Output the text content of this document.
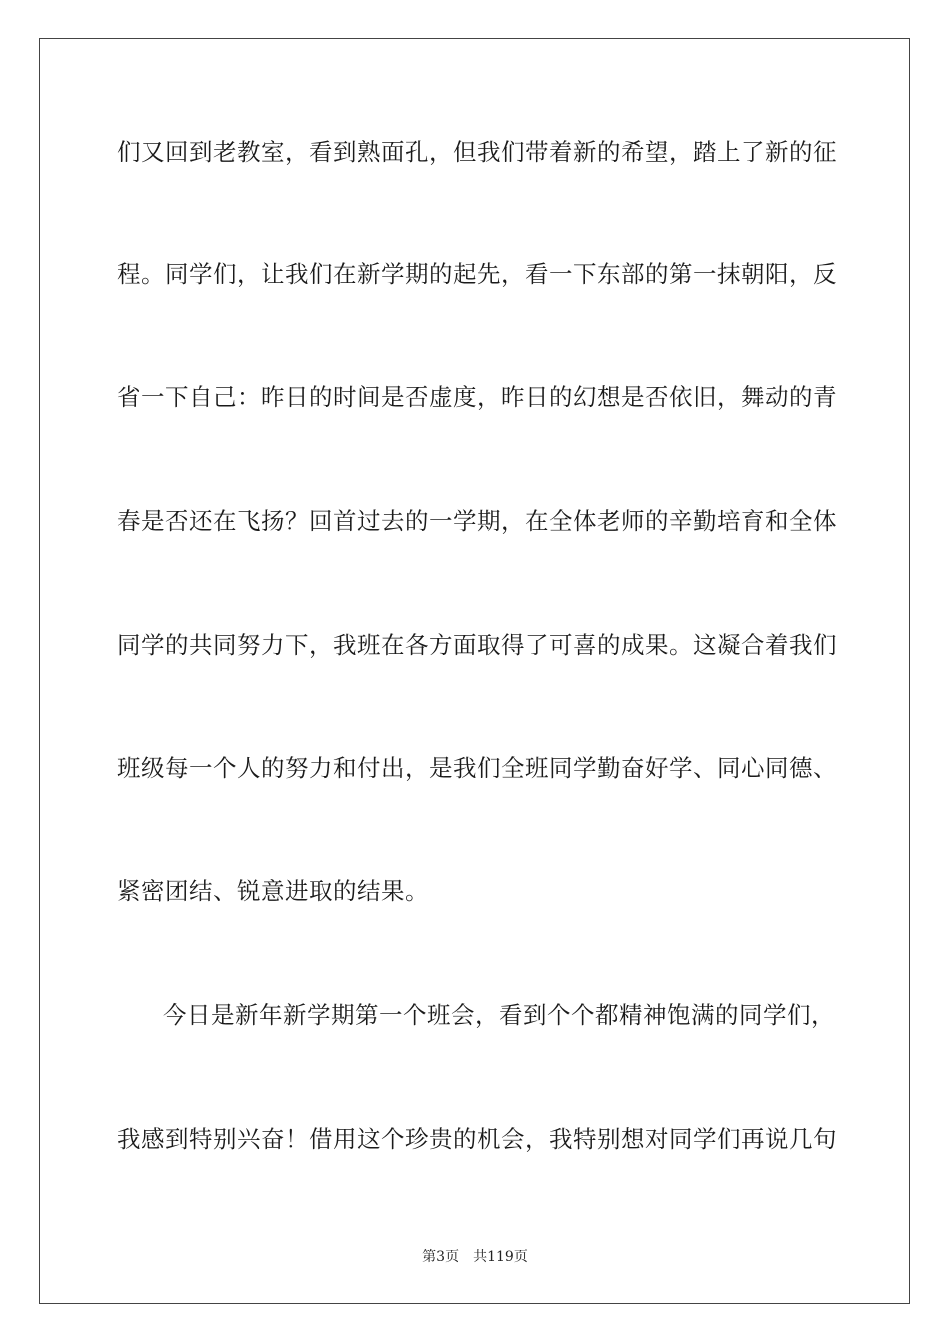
们又回到老教室，看到熟面孔，但我们带着新的希望，踏上了新的征
程。同学们，让我们在新学期的起先，看一下东部的第一抹朝阳，反
省一下自己：昨日的时间是否虚度，昨日的幻想是否依旧，舞动的青
春是否还在飞扬？回首过去的一学期，在全体老师的辛勤培育和全体
同学的共同努力下，我班在各方面取得了可喜的成果。这凝合着我们
班级每一个人的努力和付出，是我们全班同学勤奋好学、同心同德、
紧密团结、锐意进取的结果。
今日是新年新学期第一个班会，看到个个都精神饱满的同学们，
我感到特别兴奋！借用这个珍贵的机会，我特别想对同学们再说几句
第3页 共119页
